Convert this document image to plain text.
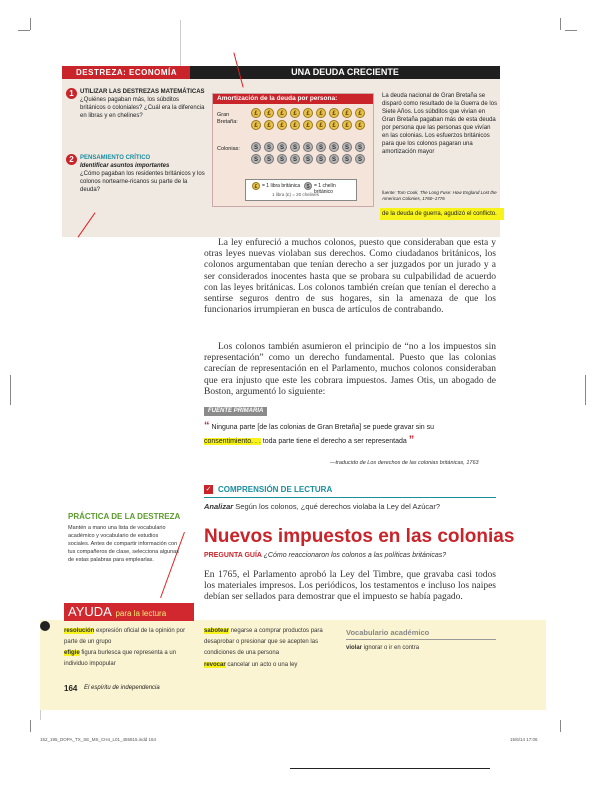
DESTREZA: ECONOMÍA	UNA DEUDA CRECIENTE
1	UTILIZAR LAS DESTREZAS MATEMÁTICAS ¿Quiénes pagaban más, los súbditos británicos o coloniales? ¿Cuál era la diferencia en libras y en chelines?
2	PENSAMIENTO CRÍTICO
Identificar asuntos importantes
¿Cómo pagaban los residentes británicos y los colonos nortearne-ricanos su parte de la deuda?
Amortización de la deuda por persona:
Gran Bretaña:
Colonias:
£	£	£	£	£	£	£	£	£
£	£	£	£	£	£	£	£	£
S	S	S	S	S	S	S	S	S
S	S	S	S	S	S	S	S	S
£ = 1 libra británica	S = 1 chelín británico
1 libra (£) = 20 chelines
La deuda nacional de Gran Bretaña se disparó como resultado de la Guerra de los Siete Años. Los súbditos que vivían en Gran Bretaña pagaban más de esta deuda por persona que las personas que vivían en las colonias. Los esfuerzos británicos para que los colonos pagaran una amortización mayor
fuente: Tom Cook, The Long Fuse: How England Lost the American Colonies, 1760–1776
de la deuda de guerra, agudizó el conflicto.
La ley enfureció a muchos colonos, puesto que consideraban que esta y otras leyes nuevas violaban sus derechos. Como ciudadanos británicos, los colonos argumentaban que tenían derecho a ser juzgados por un jurado y a ser considerados inocentes hasta que se probara su culpabilidad de acuerdo con las leyes británicas. Los colonos también creían que tenían el derecho a sentirse seguros dentro de sus hogares, sin la amenaza de que los funcionarios irrumpieran en busca de artículos de contrabando.
Los colonos también asumieron el principio de “no a los impuestos sin representación” como un derecho fundamental. Puesto que las colonias carecían de representación en el Parlamento, muchos colonos consideraban que era injusto que este les cobrara impuestos. James Otis, un abogado de Boston, argumentó lo siguiente:
FUENTE PRIMARIA
“ Ninguna parte [de las colonias de Gran Bretaña] se puede gravar sin su
consentimiento. . . toda parte tiene el derecho a ser representada ”
—traducido de Los derechos de las colonias británicas, 1763
✓ COMPRENSIÓN DE LECTURA
Analizar Según los colonos, ¿qué derechos violaba la Ley del Azúcar?
Nuevos impuestos en las colonias
PREGUNTA GUÍA ¿Cómo reaccionaron los colonos a las políticas británicas?
En 1765, el Parlamento aprobó la Ley del Timbre, que gravaba casi todos los materiales impresos. Los periódicos, los testamentos e incluso los naipes debían ser sellados para demostrar que el impuesto se había pagado.
PRÁCTICA DE LA DESTREZA
Mantén a mano una lista de vocabulario académico y vocabulario de estudios sociales. Antes de compartir información con tus compañeros de clase, selecciona algunas de estas palabras para emplearlas.
AYUDA para la lectura
resolución expresión oficial de la opinión por parte de un grupo
efigie figura burlesca que representa a un individuo impopular
sabotear negarse a comprar productos para desaprobar o presionar que se acepten las condiciones de una persona
revocar cancelar un acto o una ley
Vocabulario académico
violar ignorar o ir en contra
164 El espíritu de independencia
152_195_DOPA_TX_SE_MS_CH4_L01_455815.indd 164	15/6/14 17:06
